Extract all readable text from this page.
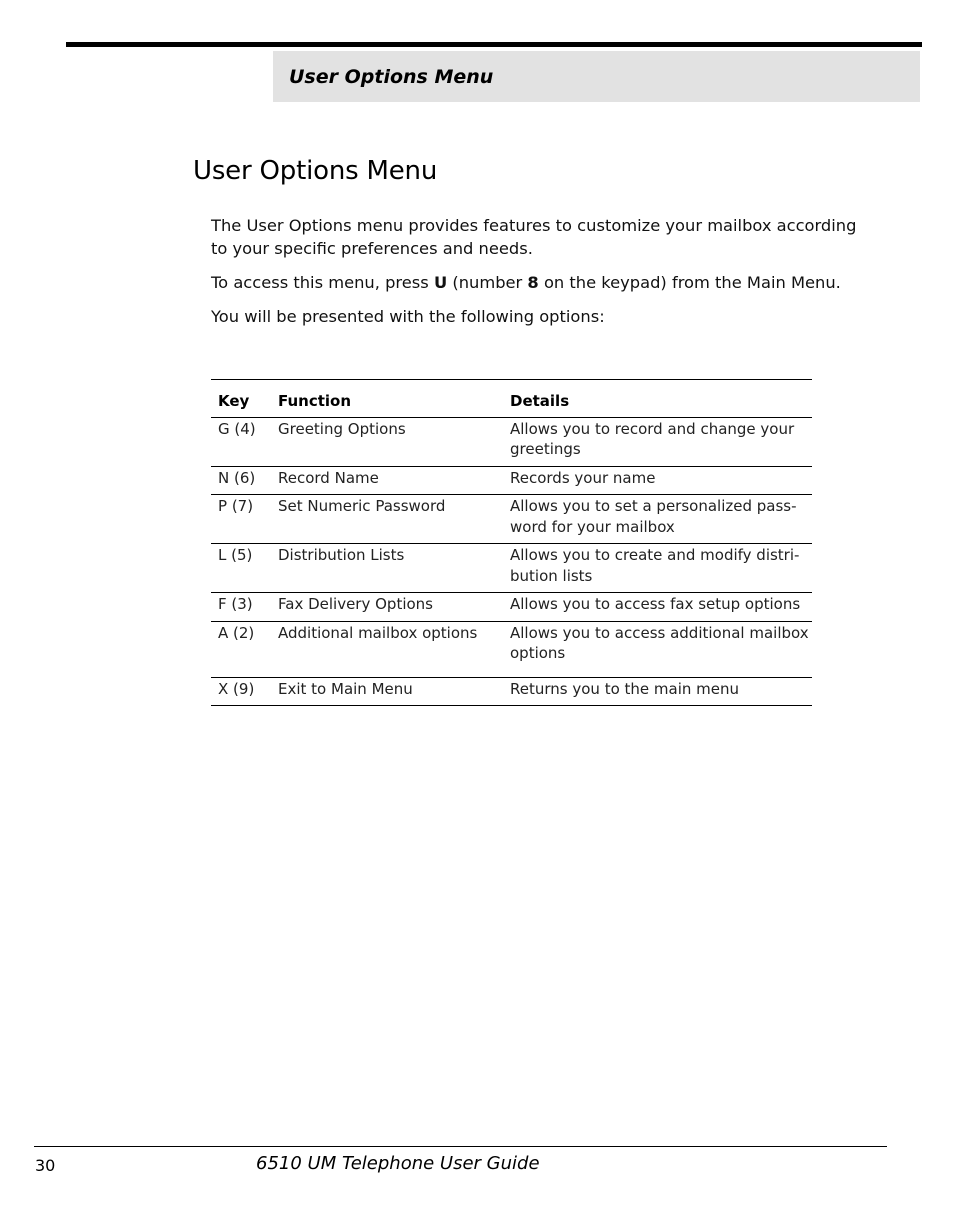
User Options Menu
User Options Menu

The User Options menu provides features to customize your mailbox according to your specific preferences and needs.

To access this menu, press U (number 8 on the keypad) from the Main Menu.

You will be presented with the following options:

Key	Function	Details
G (4)	Greeting Options	Allows you to record and change your greetings
N (6)	Record Name	Records your name
P (7)	Set Numeric Password	Allows you to set a personalized pass-word for your mailbox
L (5)	Distribution Lists	Allows you to create and modify distri-bution lists
F (3)	Fax Delivery Options	Allows you to access fax setup options
A (2)	Additional mailbox options	Allows you to access additional mailbox options
X (9)	Exit to Main Menu	Returns you to the main menu
30	6510 UM Telephone User Guide
